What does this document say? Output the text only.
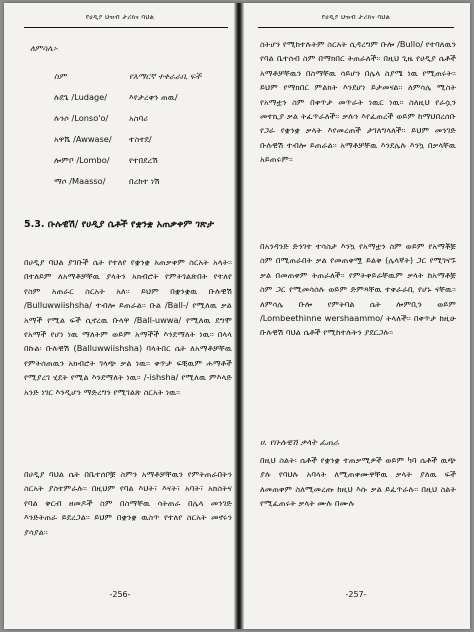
የሀዲያ ህዝብ ታሪክና ባህል
ለምሳሌ፡-
ስም	የእማርኛ ተቀራራቢ ፍች
ሉደጌ /Ludage/	እየታረቀን ጠዉ/
ሉንሶ /Lonso'o/	አስባሪ
አዋሼ /Awwase/	ተስተደ/
ሎምቦ /Lombo/	የተበደረሽ
ማሶ /Maasso/	በረከተ ነሽ
5.3. ቡሉዊሽ/ የሀዲያ ሴቶች የቋንቋ አጠቃቀም ገጽታ

በሀዲያ ባህል ያገቡች ሴት የተለየ የቋንቋ አጠቃቀም ስርአት አላት፡፡ በተለይም ለአማቶቻቸዉ ያላትን አክብሮት የምትገልጽበት የተለየ የስም አጠራር ስርአት አለ፡፡ ይህም በቋንቋዉ ቡሉዊሽ /Bulluwwiishsha/ ተብሎ ይጠራል፡፡ ቡል /Ball-/ የሚለዉ ቃል አማች የሚል ፍች ሲኖረዉ ቡላዋ /Ball-uwwa/ የሚለዉ ደግሞ የአማች የሆነ ነዉ ማለትም ወይም አማችች እንደማለት ነዉ፡፡ በላላ በኩል፡ ቡሉዊሽ (Balluwwiishsha) ባላትበር ሴት ለአማቶቻቸዉ የምትሰጠዉን አክብሮት ገላጭ ቃል ነዉ፡፡ ቀጥታ ፍቺዉም ሐማቶች የሚያረገ ሂደት የሚል እንደማለት ነዉ፡፡ /-ishsha/ የሚለዉ ምእላድ አንድ ነገር እንዲሆን ማድረግን የሚገልጽ ስርአት ነዉ፡፡

በሀዲያ ባህል ሴት በቤተሰቦቿ ስምን አማቶቻቸዉን የምትጠራበትን ስርአት ያስተምራሉ፡፡ በዚህም የባል እህት፣ እናት፣ አባት፣ አክስትና የባል ቅርብ ዘመዶች ስም በስማቸዉ ሳትጠራ በሌላ መንገድ እንድትጠራ ይደረጋል፡፡ ይህም በቋንቋ ዉስጥ የተለየ ስርአት መኖሩን ያሳያል፡፡

-256-
የሀዲያ ህዝብ ታሪክና ባህል

ስትሆን የሚከተሉትም ስርአት ሲዳረግም ቡሎ /Bullo/ የተባለዉን የባል ቤተሰብ ስም በማክበር ትጠራለች፡፡ በዚህ ጊዜ የሀዲያ ሴቶች አማቶቻቸዉን በስማቸዉ ሳይሆን በሌላ ስያሜ ነዉ የሚጠሩት፡፡ ይህም የማክበር ምልክት እንደሆነ ይታመናል፡፡ ለምሳሌ ሚስት የአማቷን ስም በቀጥታ መጥራት ነዉር ነዉ፡፡ ስለዚህ የራሷን መተኪያ ቃል ትፈጥራለች፡፡ ቃሉን እየፈጠረች ወይም ከማህበረሰቡ የጋራ የቋንቋ ቃላት እየመረጠች ታገለግላለች፡፡ ይህም መንገድ ቡሉዊሽ ተብሎ ይጠራል፡፡ አማቶቻቸዉ እንደሌሉ እንኳ በቃላቸዉ አይጠሩም፡፡

በአንዳንድ ድንገተ ተሳስታ እንኳ የአማቷን ስም ወይም የአማቾቿ ስም በሚጠራበት ቃል የመጠቀሟ ይልቅ (ሌላኛት) ጋር የሚገናኙ ቃል በመጠቀም ትጠራለች፡፡ የምትቀይራቸዉም ቃላት ከአማቶቿ ስም ጋር የሚመሳሰሉ ወይም ድምጻቸዉ ተቀራራቢ የሆኑ ናቸዉ፡፡ ለምሳሌ ቡሎ የምትባል ሴት ሎምቢን ወይም /Lombeethinne wershaammo/ ትላለች፡፡ በቀጥታ ከዚሁ ቡሉዊሽ ባህል ሴቶች የሚከተሉትን ያደርጋሉ፡፡

ሀ. የቡሉዊሽ ቃላት ፈጠራ

በዚህ ስልት፡ ሴቶች የቋንቋ ተጠቃሚዎች ወይም ካባ ሴቶች ዉጭ ያሉ የባህሉ አባላት ለሚጠቀሙዋቸዉ ቃላት ያለዉ ፍች ለመጠቀም ስለሚመረጡ ከዚህ እሱ ቃል ይፈጥራሉ፡፡ በዚህ ስልት የሚፈጠሩት ቃላት ሙሉ በሙሉ

-257-
